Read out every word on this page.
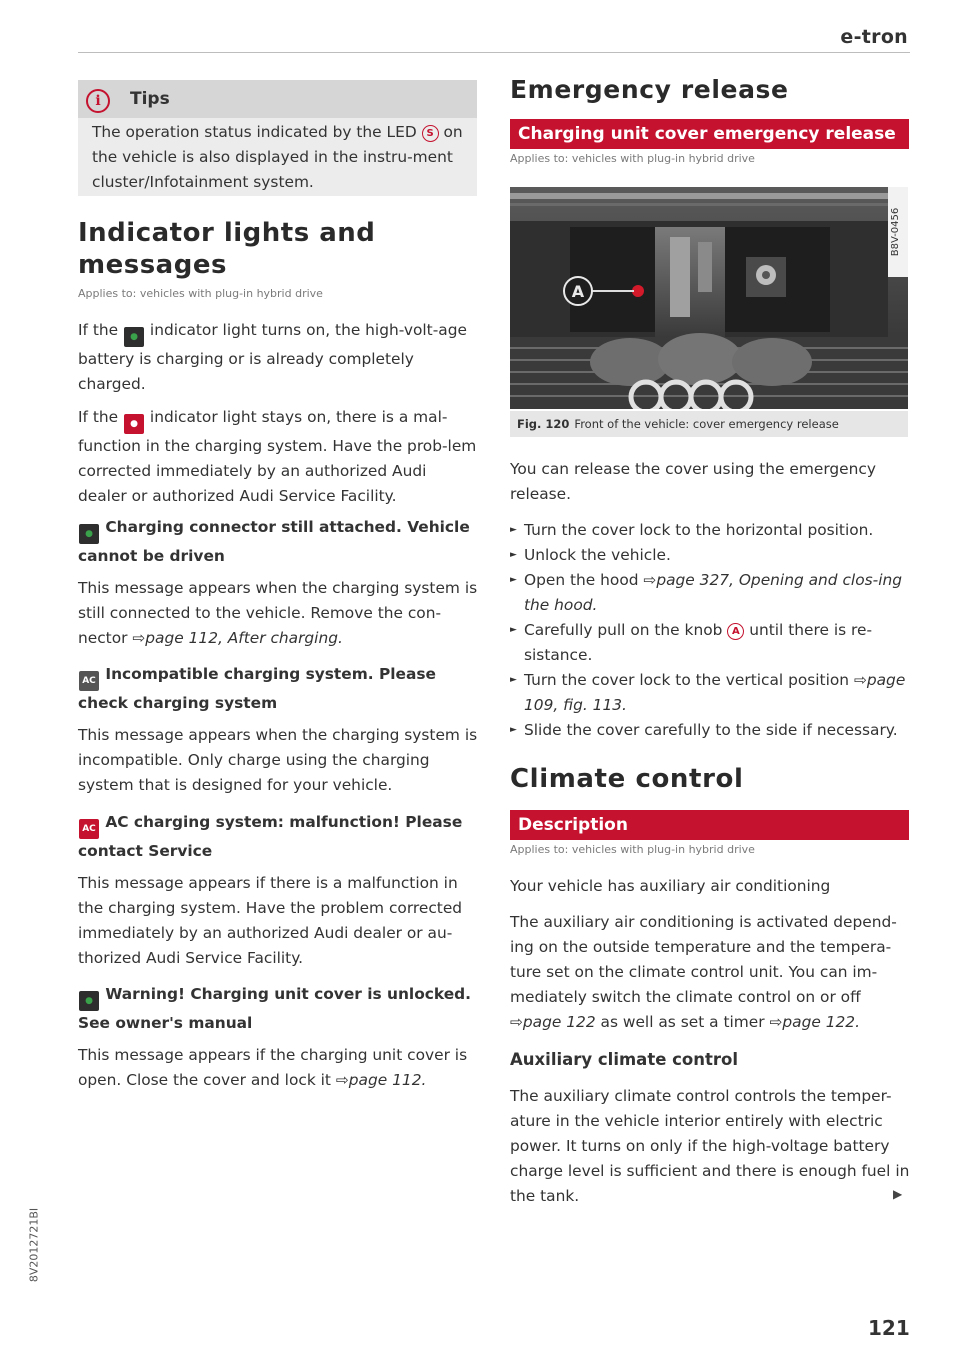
e-tron
i	Tips
The operation status indicated by the LED S on the vehicle is also displayed in the instru-ment cluster/Infotainment system.
Indicator lights and messages
Applies to: vehicles with plug-in hybrid drive
If the ● indicator light turns on, the high-volt-age battery is charging or is already completely charged.
If the ● indicator light stays on, there is a mal-function in the charging system. Have the prob-lem corrected immediately by an authorized Audi dealer or authorized Audi Service Facility.
● Charging connector still attached. Vehicle cannot be driven
This message appears when the charging system is still connected to the vehicle. Remove the con-nector ⇨page 112, After charging.
AC Incompatible charging system. Please check charging system
This message appears when the charging system is incompatible. Only charge using the charging system that is designed for your vehicle.
AC AC charging system: malfunction! Please contact Service
This message appears if there is a malfunction in the charging system. Have the problem corrected immediately by an authorized Audi dealer or au-thorized Audi Service Facility.
● Warning! Charging unit cover is unlocked. See owner's manual
This message appears if the charging unit cover is open. Close the cover and lock it ⇨page 112.
Emergency release
Charging unit cover emergency release
Applies to: vehicles with plug-in hybrid drive
A
B8V-0456
Fig. 120 Front of the vehicle: cover emergency release
You can release the cover using the emergency release.
► Turn the cover lock to the horizontal position.
► Unlock the vehicle.
► Open the hood ⇨page 327, Opening and clos-ing the hood.
► Carefully pull on the knob A until there is re-sistance.
► Turn the cover lock to the vertical position ⇨page 109, fig. 113.
► Slide the cover carefully to the side if necessary.
Climate control
Description
Applies to: vehicles with plug-in hybrid drive
Your vehicle has auxiliary air conditioning
The auxiliary air conditioning is activated depend-ing on the outside temperature and the tempera-ture set on the climate control unit. You can im-mediately switch the climate control on or off ⇨page 122 as well as set a timer ⇨page 122.
Auxiliary climate control
The auxiliary climate control controls the temper-ature in the vehicle interior entirely with electric power. It turns on only if the high-voltage battery charge level is sufficient and there is enough fuel in the tank.	▶
121
8V2012721BI
